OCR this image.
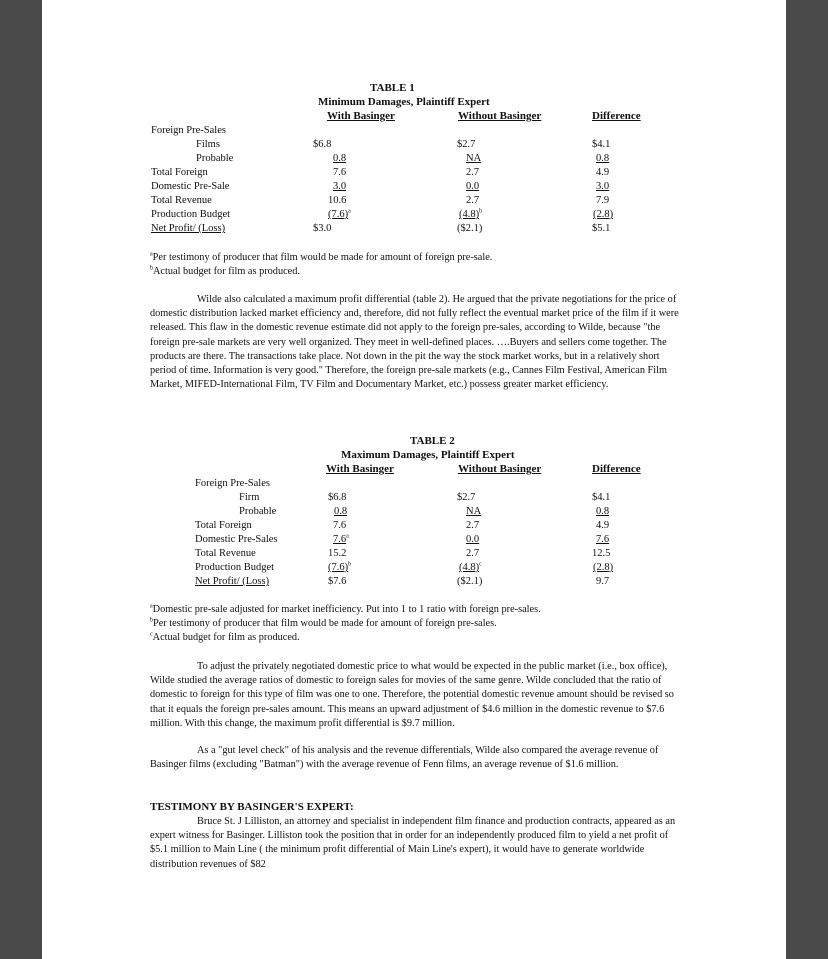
TABLE 1
Minimum Damages, Plaintiff Expert
With Basinger	Without Basinger	Difference
Foreign Pre-Sales
Films	$6.8	$2.7	$4.1
Probable	0.8	NA	0.8
Total Foreign	7.6	2.7	4.9
Domestic Pre-Sale	3.0	0.0	3.0
Total Revenue	10.6	2.7	7.9
Production Budget	$(7.6)^a$	$(4.8)^b$	(2.8)
Net Profit/ (Loss)	$3.0	($2.1)	$5.1
$^a$Per testimony of producer that film would be made for amount of foreign pre-sale.
$^b$Actual budget for film as produced.
Wilde also calculated a maximum profit differential (table 2). He argued that the private negotiations for the price of domestic distribution lacked market efficiency and, therefore, did not fully reflect the eventual market price of the film if it were released. This flaw in the domestic revenue estimate did not apply to the foreign pre-sales, according to Wilde, because "the foreign pre-sale markets are very well organized. They meet in well-defined places. ….Buyers and sellers come together. The products are there. The transactions take place. Not down in the pit the way the stock market works, but in a relatively short period of time. Information is very good." Therefore, the foreign pre-sale markets (e.g., Cannes Film Festival, American Film Market, MIFED-International Film, TV Film and Documentary Market, etc.) possess greater market efficiency.
TABLE 2
Maximum Damages, Plaintiff Expert
With Basinger	Without Basinger	Difference
Foreign Pre-Sales
Firm	$6.8	$2.7	$4.1
Probable	0.8	NA	0.8
Total Foreign	7.6	2.7	4.9
Domestic Pre-Sales	7.6$^a$	0.0	7.6
Total Revenue	15.2	2.7	12.5
Production Budget	$(7.6)^b$	$(4.8)^c$	(2.8)
Net Profit/ (Loss)	$7.6	($2.1)	9.7
$^a$Domestic pre-sale adjusted for market inefficiency. Put into 1 to 1 ratio with foreign pre-sales.
$^b$Per testimony of producer that film would be made for amount of foreign pre-sales.
$^c$Actual budget for film as produced.
To adjust the privately negotiated domestic price to what would be expected in the public market (i.e., box office), Wilde studied the average ratios of domestic to foreign sales for movies of the same genre. Wilde concluded that the ratio of domestic to foreign for this type of film was one to one. Therefore, the potential domestic revenue amount should be revised so that it equals the foreign pre-sales amount. This means an upward adjustment of $4.6 million in the domestic revenue to $7.6 million. With this change, the maximum profit differential is $9.7 million.
As a "gut level check" of his analysis and the revenue differentials, Wilde also compared the average revenue of Basinger films (excluding "Batman") with the average revenue of Fenn films, an average revenue of $1.6 million.
TESTIMONY BY BASINGER'S EXPERT:
Bruce St. J Lilliston, an attorney and specialist in independent film finance and production contracts, appeared as an expert witness for Basinger. Lilliston took the position that in order for an independently produced film to yield a net profit of $5.1 million to Main Line ( the minimum profit differential of Main Line's expert), it would have to generate worldwide distribution revenues of $82
